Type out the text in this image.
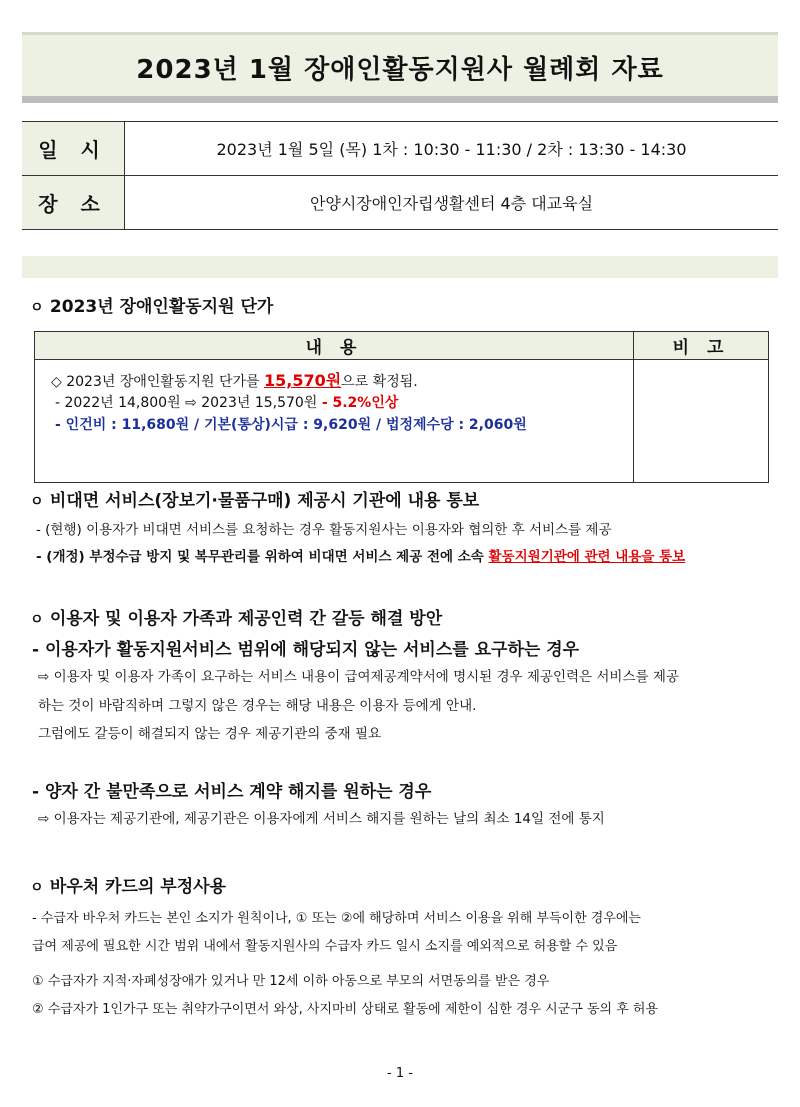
2023년 1월 장애인활동지원사 월례회 자료
일 시	2023년 1월 5일 (목) 1차 : 10:30 - 11:30 / 2차 : 13:30 - 14:30
장 소	안양시장애인자립생활센터 4층 대교육실
ㅇ 2023년 장애인활동지원 단가
내 용	비 고

◇ 2023년 장애인활동지원 단가를 15,570원으로 확정됨.
- 2022년 14,800원 ⇨ 2023년 15,570원 - 5.2%인상
- 인건비 : 11,680원 / 기본(통상)시급 : 9,620원 / 법정제수당 : 2,060원	

ㅇ 비대면 서비스(장보기·물품구매) 제공시 기관에 내용 통보
- (현행) 이용자가 비대면 서비스를 요청하는 경우 활동지원사는 이용자와 협의한 후 서비스를 제공
- (개정) 부정수급 방지 및 복무관리를 위하여 비대면 서비스 제공 전에 소속 활동지원기관에 관련 내용을 통보
ㅇ 이용자 및 이용자 가족과 제공인력 간 갈등 해결 방안
- 이용자가 활동지원서비스 범위에 해당되지 않는 서비스를 요구하는 경우
⇨ 이용자 및 이용자 가족이 요구하는 서비스 내용이 급여제공계약서에 명시된 경우 제공인력은 서비스를 제공
하는 것이 바람직하며 그렇지 않은 경우는 해당 내용은 이용자 등에게 안내.
그럼에도 갈등이 해결되지 않는 경우 제공기관의 중재 필요
- 양자 간 불만족으로 서비스 계약 해지를 원하는 경우
⇨ 이용자는 제공기관에, 제공기관은 이용자에게 서비스 해지를 원하는 날의 최소 14일 전에 통지
ㅇ 바우처 카드의 부정사용
- 수급자 바우처 카드는 본인 소지가 원칙이나, ① 또는 ②에 해당하며 서비스 이용을 위해 부득이한 경우에는
급여 제공에 필요한 시간 범위 내에서 활동지원사의 수급자 카드 일시 소지를 예외적으로 허용할 수 있음
① 수급자가 지적·자폐성장애가 있거나 만 12세 이하 아동으로 부모의 서면동의를 받은 경우
② 수급자가 1인가구 또는 취약가구이면서 와상, 사지마비 상태로 활동에 제한이 심한 경우 시군구 동의 후 허용
- 1 -
